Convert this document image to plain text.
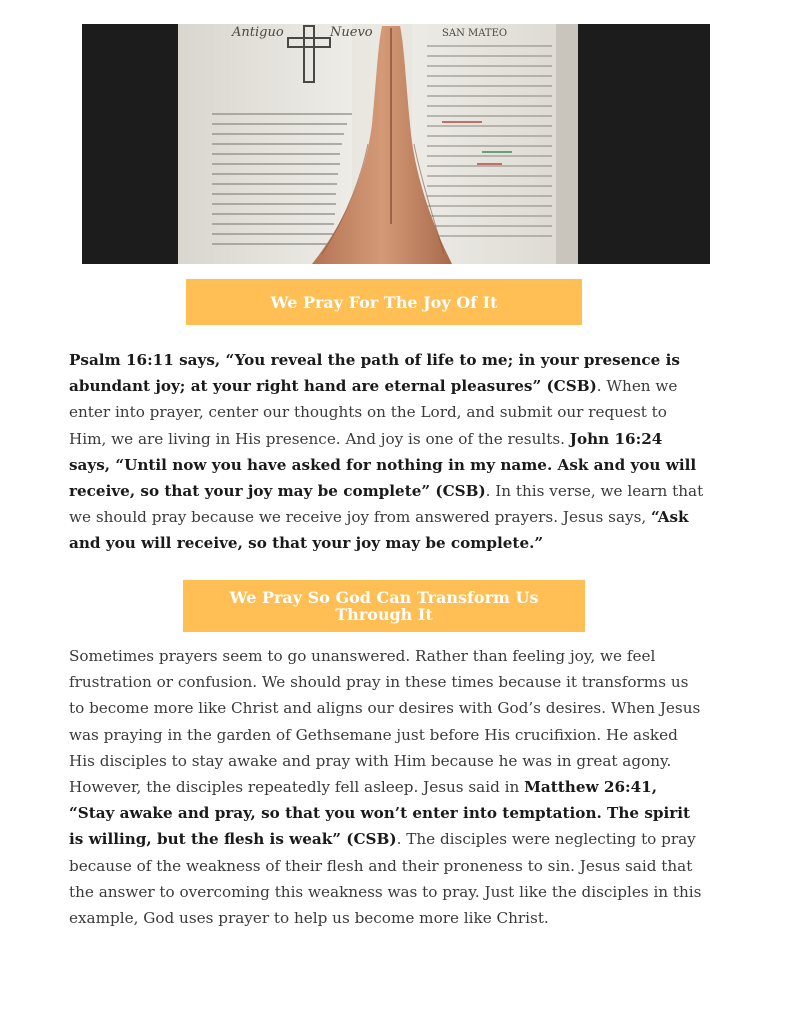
Antiguo	Nuevo	SAN MATEO
We Pray For The Joy Of It

Psalm 16:11 says, “You reveal the path of life to me; in your presence is abundant joy; at your right hand are eternal pleasures” (CSB). When we enter into prayer, center our thoughts on the Lord, and submit our request to Him, we are living in His presence. And joy is one of the results. John 16:24 says, “Until now you have asked for nothing in my name. Ask and you will receive, so that your joy may be complete” (CSB). In this verse, we learn that we should pray because we receive joy from answered prayers. Jesus says, “Ask and you will receive, so that your joy may be complete.”

We Pray So God Can Transform Us Through It

Sometimes prayers seem to go unanswered. Rather than feeling joy, we feel frustration or confusion. We should pray in these times because it transforms us to become more like Christ and aligns our desires with God’s desires. When Jesus was praying in the garden of Gethsemane just before His crucifixion. He asked His disciples to stay awake and pray with Him because he was in great agony. However, the disciples repeatedly fell asleep. Jesus said in Matthew 26:41, “Stay awake and pray, so that you won’t enter into temptation. The spirit is willing, but the flesh is weak” (CSB). The disciples were neglecting to pray because of the weakness of their flesh and their proneness to sin. Jesus said that the answer to overcoming this weakness was to pray. Just like the disciples in this example, God uses prayer to help us become more like Christ.
